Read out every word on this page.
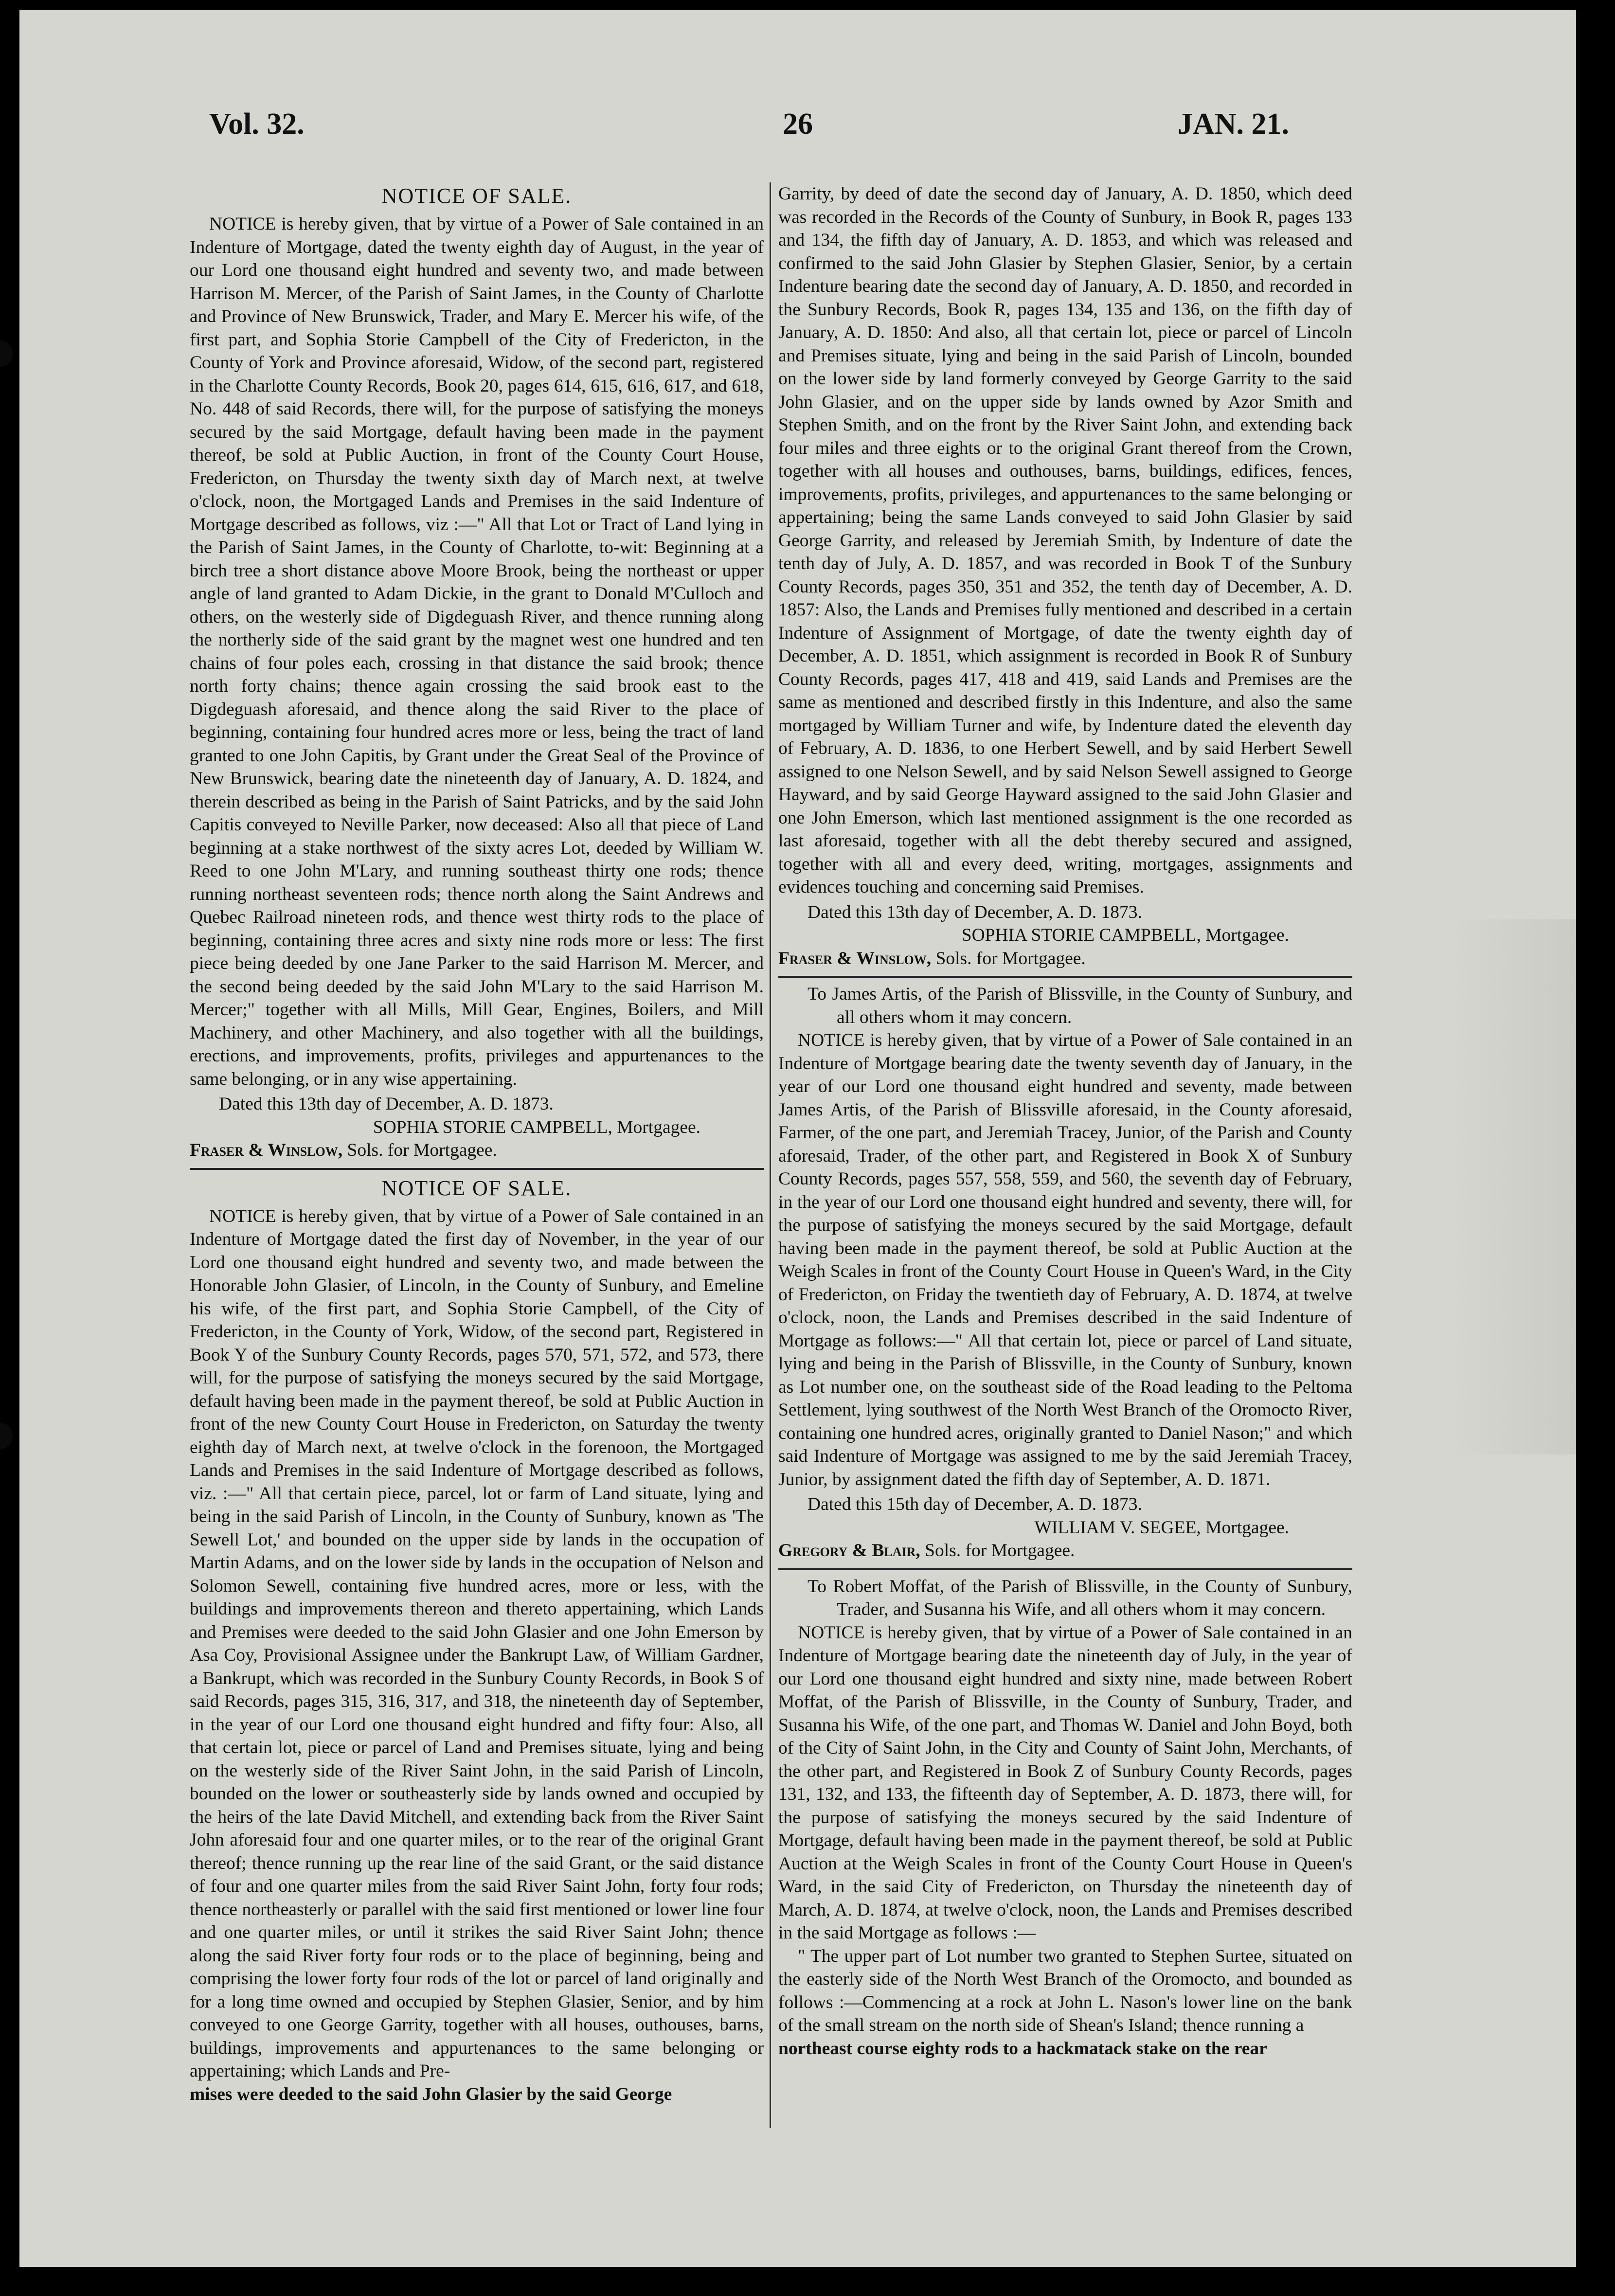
Vol. 32.	26	JAN. 21.
NOTICE OF SALE.

NOTICE is hereby given, that by virtue of a Power of Sale contained in an Indenture of Mortgage, dated the twenty eighth day of August, in the year of our Lord one thousand eight hundred and seventy two, and made between Harrison M. Mercer, of the Parish of Saint James, in the County of Charlotte and Province of New Brunswick, Trader, and Mary E. Mercer his wife, of the first part, and Sophia Storie Campbell of the City of Fredericton, in the County of York and Province aforesaid, Widow, of the second part, registered in the Charlotte County Records, Book 20, pages 614, 615, 616, 617, and 618, No. 448 of said Records, there will, for the purpose of satisfying the moneys secured by the said Mortgage, default having been made in the payment thereof, be sold at Public Auction, in front of the County Court House, Fredericton, on Thursday the twenty sixth day of March next, at twelve o'clock, noon, the Mortgaged Lands and Premises in the said Indenture of Mortgage described as follows, viz :—" All that Lot or Tract of Land lying in the Parish of Saint James, in the County of Charlotte, to-wit: Beginning at a birch tree a short distance above Moore Brook, being the northeast or upper angle of land granted to Adam Dickie, in the grant to Donald M'Culloch and others, on the westerly side of Digdeguash River, and thence running along the northerly side of the said grant by the magnet west one hundred and ten chains of four poles each, crossing in that distance the said brook; thence north forty chains; thence again crossing the said brook east to the Digdeguash aforesaid, and thence along the said River to the place of beginning, containing four hundred acres more or less, being the tract of land granted to one John Capitis, by Grant under the Great Seal of the Province of New Brunswick, bearing date the nineteenth day of January, A. D. 1824, and therein described as being in the Parish of Saint Patricks, and by the said John Capitis conveyed to Neville Parker, now deceased: Also all that piece of Land beginning at a stake northwest of the sixty acres Lot, deeded by William W. Reed to one John M'Lary, and running southeast thirty one rods; thence running northeast seventeen rods; thence north along the Saint Andrews and Quebec Railroad nineteen rods, and thence west thirty rods to the place of beginning, containing three acres and sixty nine rods more or less: The first piece being deeded by one Jane Parker to the said Harrison M. Mercer, and the second being deeded by the said John M'Lary to the said Harrison M. Mercer;" together with all Mills, Mill Gear, Engines, Boilers, and Mill Machinery, and other Machinery, and also together with all the buildings, erections, and improvements, profits, privileges and appurtenances to the same belonging, or in any wise appertaining.

Dated this 13th day of December, A. D. 1873.

SOPHIA STORIE CAMPBELL, Mortgagee.

Fraser & Winslow, Sols. for Mortgagee.

NOTICE OF SALE.

NOTICE is hereby given, that by virtue of a Power of Sale contained in an Indenture of Mortgage dated the first day of November, in the year of our Lord one thousand eight hundred and seventy two, and made between the Honorable John Glasier, of Lincoln, in the County of Sunbury, and Emeline his wife, of the first part, and Sophia Storie Campbell, of the City of Fredericton, in the County of York, Widow, of the second part, Registered in Book Y of the Sunbury County Records, pages 570, 571, 572, and 573, there will, for the purpose of satisfying the moneys secured by the said Mortgage, default having been made in the payment thereof, be sold at Public Auction in front of the new County Court House in Fredericton, on Saturday the twenty eighth day of March next, at twelve o'clock in the forenoon, the Mortgaged Lands and Premises in the said Indenture of Mortgage described as follows, viz. :—" All that certain piece, parcel, lot or farm of Land situate, lying and being in the said Parish of Lincoln, in the County of Sunbury, known as 'The Sewell Lot,' and bounded on the upper side by lands in the occupation of Martin Adams, and on the lower side by lands in the occupation of Nelson and Solomon Sewell, containing five hundred acres, more or less, with the buildings and improvements thereon and thereto appertaining, which Lands and Premises were deeded to the said John Glasier and one John Emerson by Asa Coy, Provisional Assignee under the Bankrupt Law, of William Gardner, a Bankrupt, which was recorded in the Sunbury County Records, in Book S of said Records, pages 315, 316, 317, and 318, the nineteenth day of September, in the year of our Lord one thousand eight hundred and fifty four: Also, all that certain lot, piece or parcel of Land and Premises situate, lying and being on the westerly side of the River Saint John, in the said Parish of Lincoln, bounded on the lower or southeasterly side by lands owned and occupied by the heirs of the late David Mitchell, and extending back from the River Saint John aforesaid four and one quarter miles, or to the rear of the original Grant thereof; thence running up the rear line of the said Grant, or the said distance of four and one quarter miles from the said River Saint John, forty four rods; thence northeasterly or parallel with the said first mentioned or lower line four and one quarter miles, or until it strikes the said River Saint John; thence along the said River forty four rods or to the place of beginning, being and comprising the lower forty four rods of the lot or parcel of land originally and for a long time owned and occupied by Stephen Glasier, Senior, and by him conveyed to one George Garrity, together with all houses, outhouses, barns, buildings, improvements and appurtenances to the same belonging or appertaining; which Lands and Pre-

mises were deeded to the said John Glasier by the said George

Garrity, by deed of date the second day of January, A. D. 1850, which deed was recorded in the Records of the County of Sunbury, in Book R, pages 133 and 134, the fifth day of January, A. D. 1853, and which was released and confirmed to the said John Glasier by Stephen Glasier, Senior, by a certain Indenture bearing date the second day of January, A. D. 1850, and recorded in the Sunbury Records, Book R, pages 134, 135 and 136, on the fifth day of January, A. D. 1850: And also, all that certain lot, piece or parcel of Lincoln and Premises situate, lying and being in the said Parish of Lincoln, bounded on the lower side by land formerly conveyed by George Garrity to the said John Glasier, and on the upper side by lands owned by Azor Smith and Stephen Smith, and on the front by the River Saint John, and extending back four miles and three eights or to the original Grant thereof from the Crown, together with all houses and outhouses, barns, buildings, edifices, fences, improvements, profits, privileges, and appurtenances to the same belonging or appertaining; being the same Lands conveyed to said John Glasier by said George Garrity, and released by Jeremiah Smith, by Indenture of date the tenth day of July, A. D. 1857, and was recorded in Book T of the Sunbury County Records, pages 350, 351 and 352, the tenth day of December, A. D. 1857: Also, the Lands and Premises fully mentioned and described in a certain Indenture of Assignment of Mortgage, of date the twenty eighth day of December, A. D. 1851, which assignment is recorded in Book R of Sunbury County Records, pages 417, 418 and 419, said Lands and Premises are the same as mentioned and described firstly in this Indenture, and also the same mortgaged by William Turner and wife, by Indenture dated the eleventh day of February, A. D. 1836, to one Herbert Sewell, and by said Herbert Sewell assigned to one Nelson Sewell, and by said Nelson Sewell assigned to George Hayward, and by said George Hayward assigned to the said John Glasier and one John Emerson, which last mentioned assignment is the one recorded as last aforesaid, together with all the debt thereby secured and assigned, together with all and every deed, writing, mortgages, assignments and evidences touching and concerning said Premises.

Dated this 13th day of December, A. D. 1873.

SOPHIA STORIE CAMPBELL, Mortgagee.

Fraser & Winslow, Sols. for Mortgagee.

To James Artis, of the Parish of Blissville, in the County of Sunbury, and all others whom it may concern.

NOTICE is hereby given, that by virtue of a Power of Sale contained in an Indenture of Mortgage bearing date the twenty seventh day of January, in the year of our Lord one thousand eight hundred and seventy, made between James Artis, of the Parish of Blissville aforesaid, in the County aforesaid, Farmer, of the one part, and Jeremiah Tracey, Junior, of the Parish and County aforesaid, Trader, of the other part, and Registered in Book X of Sunbury County Records, pages 557, 558, 559, and 560, the seventh day of February, in the year of our Lord one thousand eight hundred and seventy, there will, for the purpose of satisfying the moneys secured by the said Mortgage, default having been made in the payment thereof, be sold at Public Auction at the Weigh Scales in front of the County Court House in Queen's Ward, in the City of Fredericton, on Friday the twentieth day of February, A. D. 1874, at twelve o'clock, noon, the Lands and Premises described in the said Indenture of Mortgage as follows:—" All that certain lot, piece or parcel of Land situate, lying and being in the Parish of Blissville, in the County of Sunbury, known as Lot number one, on the southeast side of the Road leading to the Peltoma Settlement, lying southwest of the North West Branch of the Oromocto River, containing one hundred acres, originally granted to Daniel Nason;" and which said Indenture of Mortgage was assigned to me by the said Jeremiah Tracey, Junior, by assignment dated the fifth day of September, A. D. 1871.

Dated this 15th day of December, A. D. 1873.

WILLIAM V. SEGEE, Mortgagee.

Gregory & Blair, Sols. for Mortgagee.

To Robert Moffat, of the Parish of Blissville, in the County of Sunbury, Trader, and Susanna his Wife, and all others whom it may concern.

NOTICE is hereby given, that by virtue of a Power of Sale contained in an Indenture of Mortgage bearing date the nineteenth day of July, in the year of our Lord one thousand eight hundred and sixty nine, made between Robert Moffat, of the Parish of Blissville, in the County of Sunbury, Trader, and Susanna his Wife, of the one part, and Thomas W. Daniel and John Boyd, both of the City of Saint John, in the City and County of Saint John, Merchants, of the other part, and Registered in Book Z of Sunbury County Records, pages 131, 132, and 133, the fifteenth day of September, A. D. 1873, there will, for the purpose of satisfying the moneys secured by the said Indenture of Mortgage, default having been made in the payment thereof, be sold at Public Auction at the Weigh Scales in front of the County Court House in Queen's Ward, in the said City of Fredericton, on Thursday the nineteenth day of March, A. D. 1874, at twelve o'clock, noon, the Lands and Premises described in the said Mortgage as follows :—

" The upper part of Lot number two granted to Stephen Surtee, situated on the easterly side of the North West Branch of the Oromocto, and bounded as follows :—Commencing at a rock at John L. Nason's lower line on the bank of the small stream on the north side of Shean's Island; thence running a

northeast course eighty rods to a hackmatack stake on the rear
